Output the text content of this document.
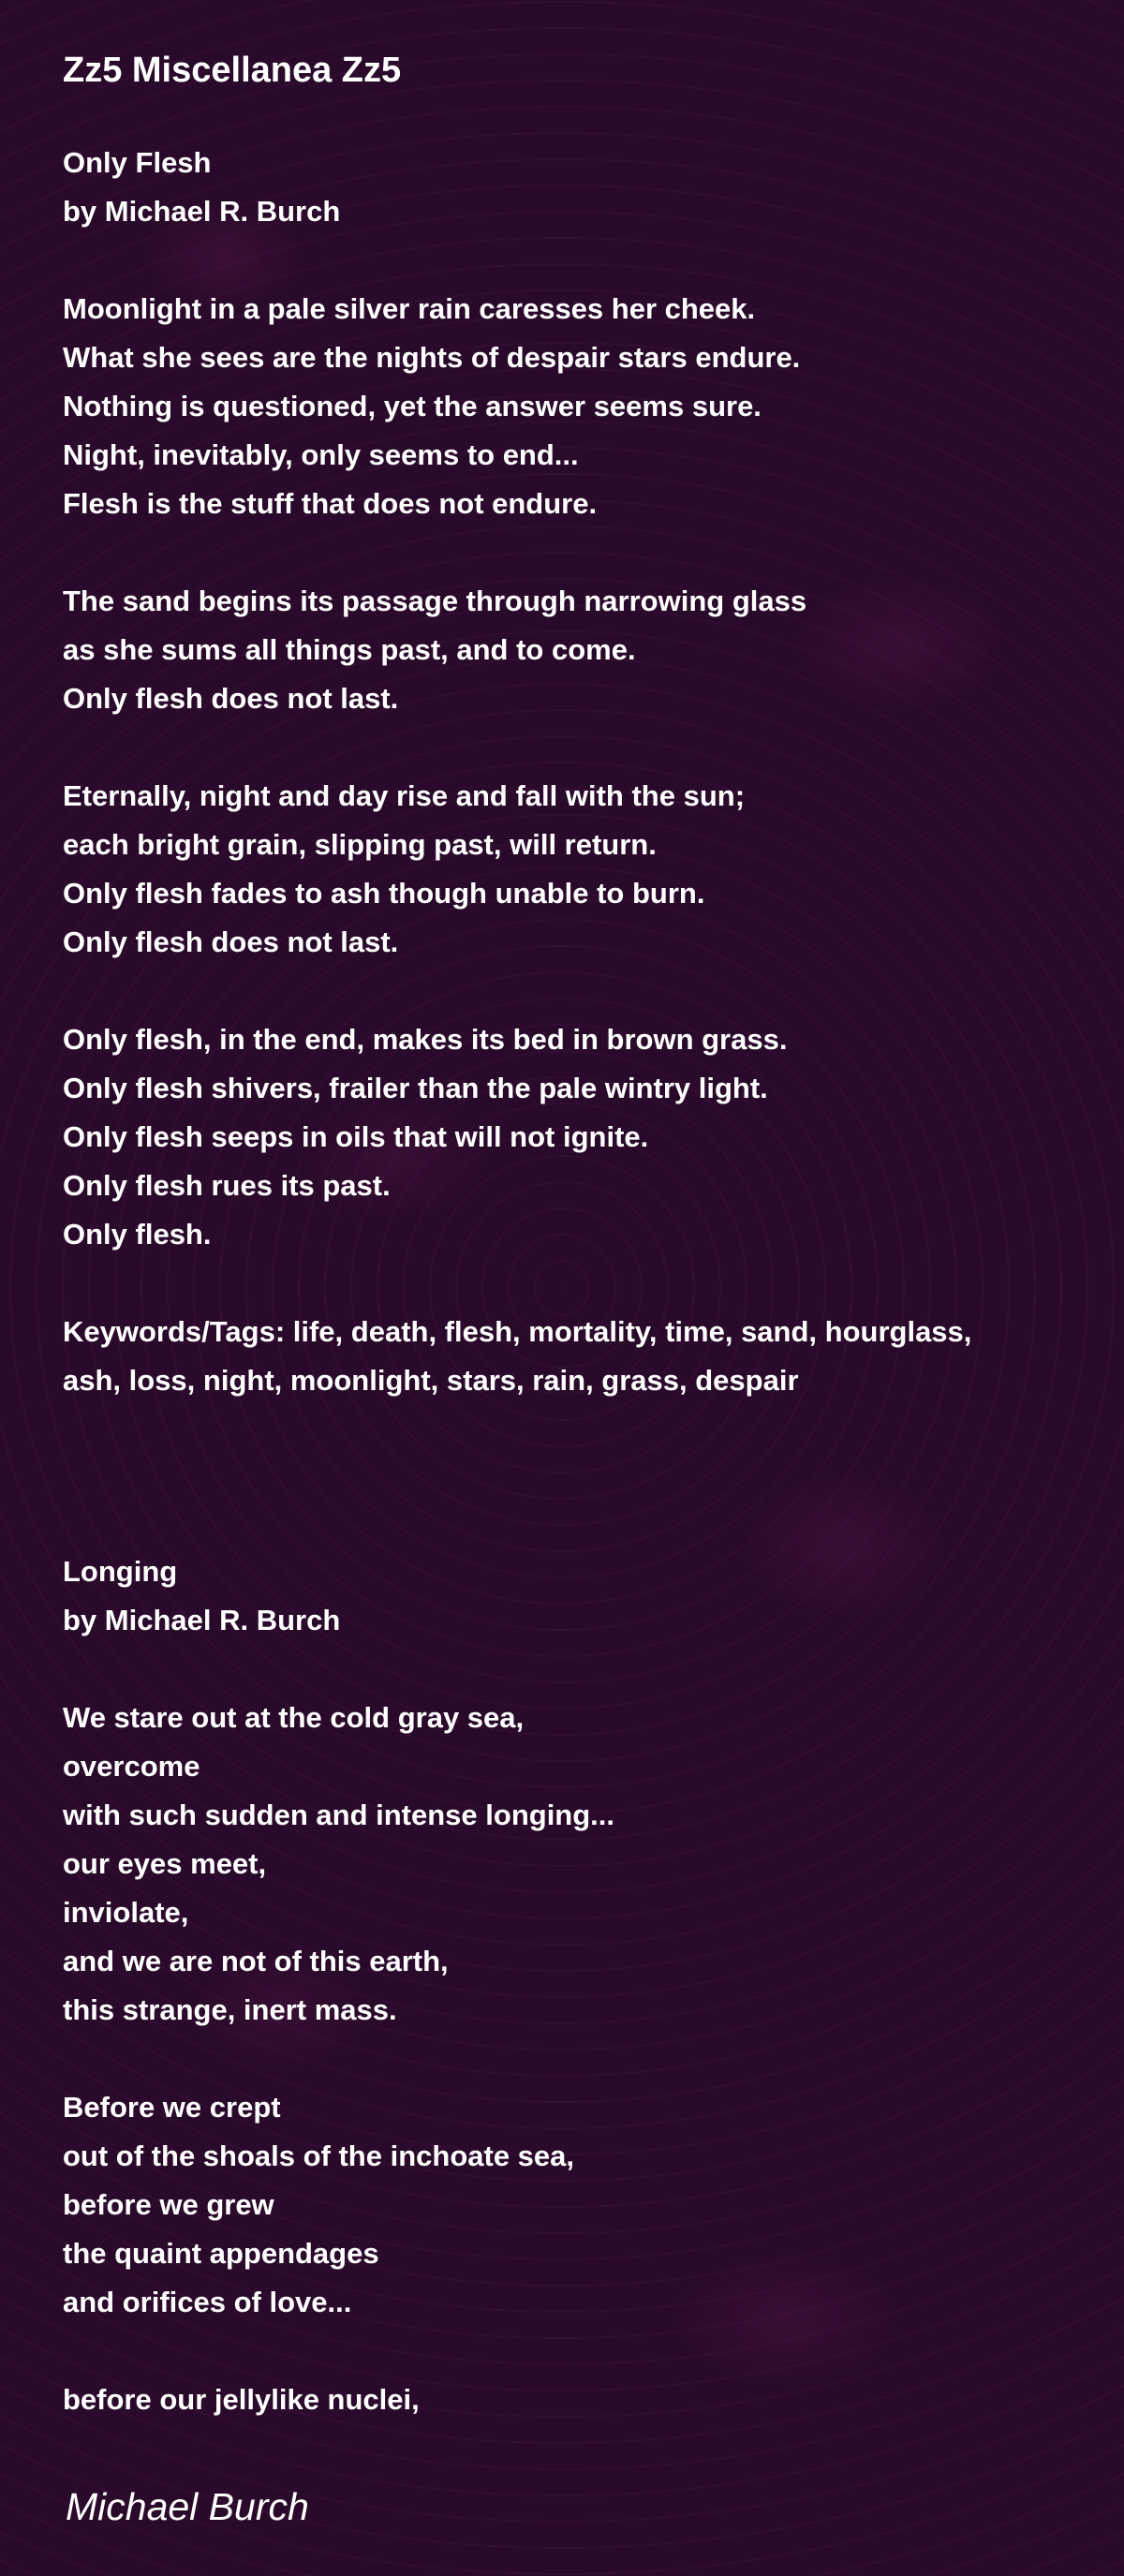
Zz5 Miscellanea Zz5
Only Flesh
by Michael R. Burch
Moonlight in a pale silver rain caresses her cheek.
What she sees are the nights of despair stars endure.
Nothing is questioned, yet the answer seems sure.
Night, inevitably, only seems to end...
Flesh is the stuff that does not endure.
The sand begins its passage through narrowing glass
as she sums all things past, and to come.
Only flesh does not last.
Eternally, night and day rise and fall with the sun;
each bright grain, slipping past, will return.
Only flesh fades to ash though unable to burn.
Only flesh does not last.
Only flesh, in the end, makes its bed in brown grass.
Only flesh shivers, frailer than the pale wintry light.
Only flesh seeps in oils that will not ignite.
Only flesh rues its past.
Only flesh.
Keywords/Tags: life, death, flesh, mortality, time, sand, hourglass,
ash, loss, night, moonlight, stars, rain, grass, despair
Longing
by Michael R. Burch
We stare out at the cold gray sea,
overcome
with such sudden and intense longing...
our eyes meet,
inviolate,
and we are not of this earth,
this strange, inert mass.
Before we crept
out of the shoals of the inchoate sea,
before we grew
the quaint appendages
and orifices of love...
before our jellylike nuclei,
Michael Burch
